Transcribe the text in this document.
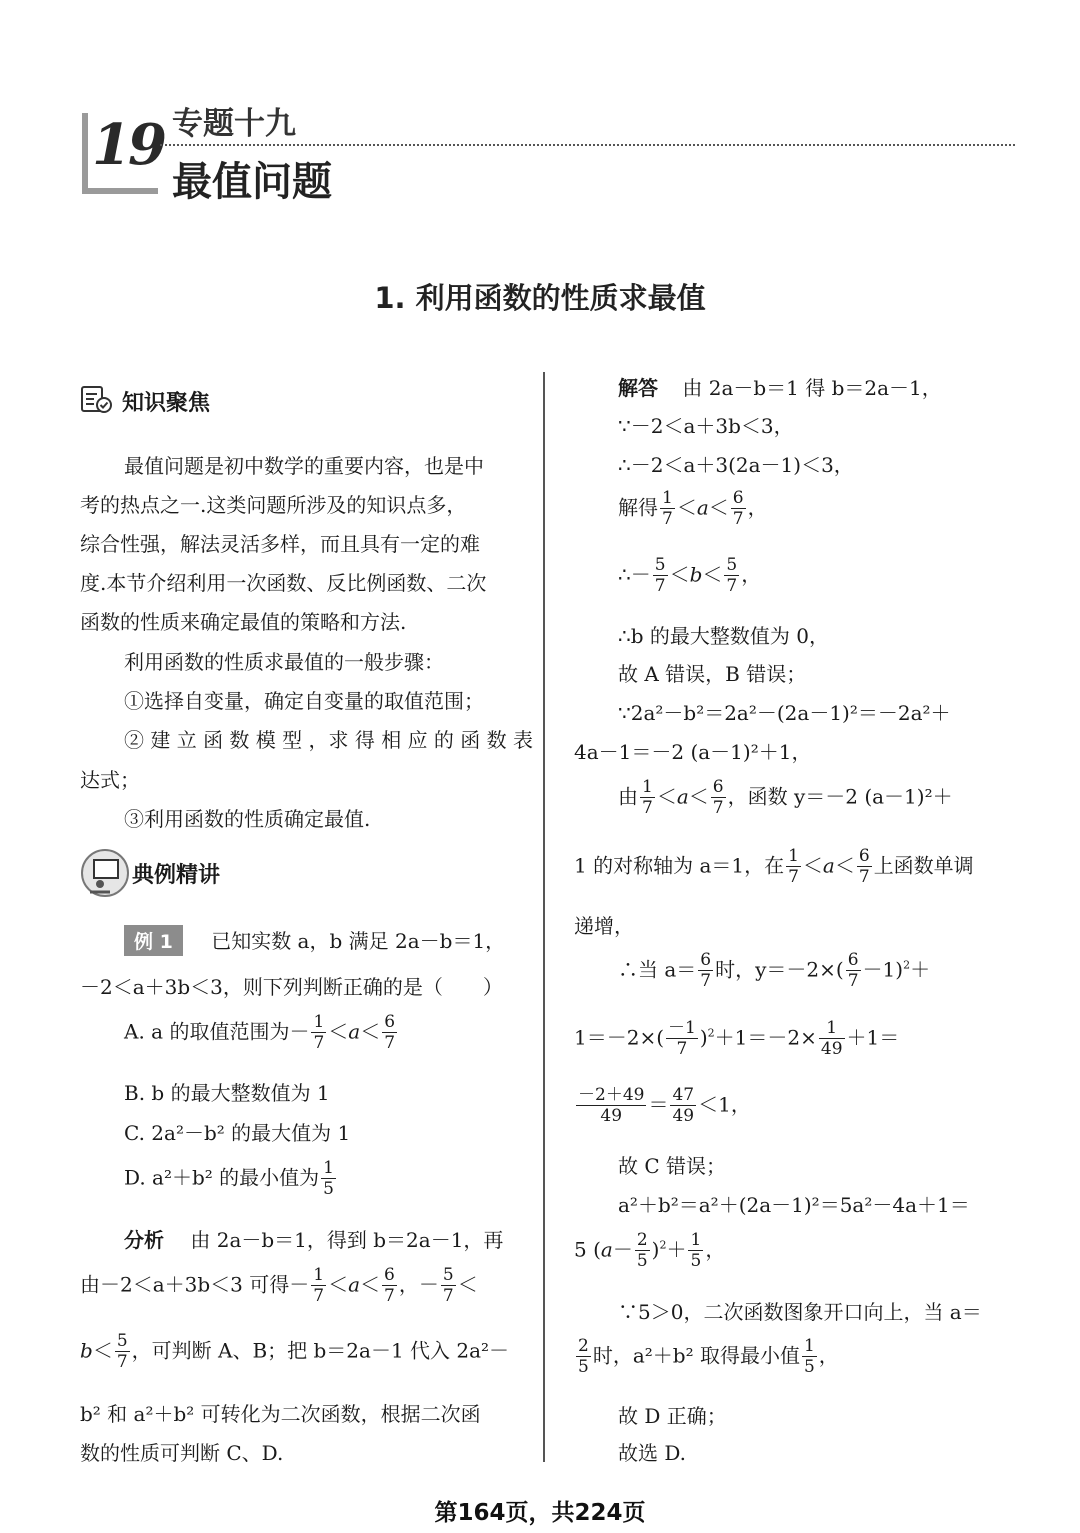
19 专题十九
最值问题
1. 利用函数的性质求最值
知识聚焦
最值问题是初中数学的重要内容，也是中
考的热点之一.这类问题所涉及的知识点多，
综合性强，解法灵活多样，而且具有一定的难
度.本节介绍利用一次函数、反比例函数、二次
函数的性质来确定最值的策略和方法.
利用函数的性质求最值的一般步骤：
①选择自变量，确定自变量的取值范围；
② 建 立 函 数 模 型 ，求 得 相 应 的 函 数 表
达式；
③利用函数的性质确定最值.
典例精讲
例 1 已知实数 a，b 满足 2a－b＝1，
－2＜a＋3b＜3，则下列判断正确的是（　　）
A. a 的取值范围为－ $\frac{1}{7} <a< \frac{6}{7}$
B. b 的最大整数值为 1
C. 2a²－b² 的最大值为 1
D. a²＋b² 的最小值为 $\frac{1}{5}$
分析 由 2a－b＝1，得到 b＝2a－1，再
由－2＜a＋3b＜3 可得－ $\frac{1}{7} <a< \frac{6}{7}$ ，－ $\frac{5}{7}$ ＜
$b< \frac{5}{7}$ ，可判断 A、B；把 b＝2a－1 代入 2a²－
b² 和 a²＋b² 可转化为二次函数，根据二次函
数的性质可判断 C、D.
解答 由 2a－b＝1 得 b＝2a－1，
∵－2＜a＋3b＜3，
∴－2＜a＋3(2a－1)＜3，
解得 $\frac{1}{7} <a< \frac{6}{7}$ ，
∴－ $\frac{5}{7} <b< \frac{5}{7}$ ，
∴b 的最大整数值为 0，
故 A 错误，B 错误；
∵2a²－b²＝2a²－(2a－1)²＝－2a²＋
4a－1＝－2 (a－1)²＋1，
由 $\frac{1}{7} <a< \frac{6}{7}$ ，函数 y＝－2 (a－1)²＋
1 的对称轴为 a＝1，在 $\frac{1}{7} <a< \frac{6}{7}$ 上函数单调
递增，
∴当 $a= \frac{6}{7}$ 时，$y=-2\times( \frac{6}{7} -1)^2+$
$1=-2\times( \frac{-1}{7} )^2+1=-2\times \frac{1}{49} +1=$
$\frac{-2+49}{49} = \frac{47}{49} <1$，
故 C 错误；
a²＋b²＝a²＋(2a－1)²＝5a²－4a＋1＝
5 $(a- \frac{2}{5} )^2+ \frac{1}{5}$ ，
∵5＞0，二次函数图象开口向上，当 a＝
$\frac{2}{5}$ 时，a²＋b² 取得最小值 $\frac{1}{5}$ ，
故 D 正确；
故选 D.
第164页，共224页
